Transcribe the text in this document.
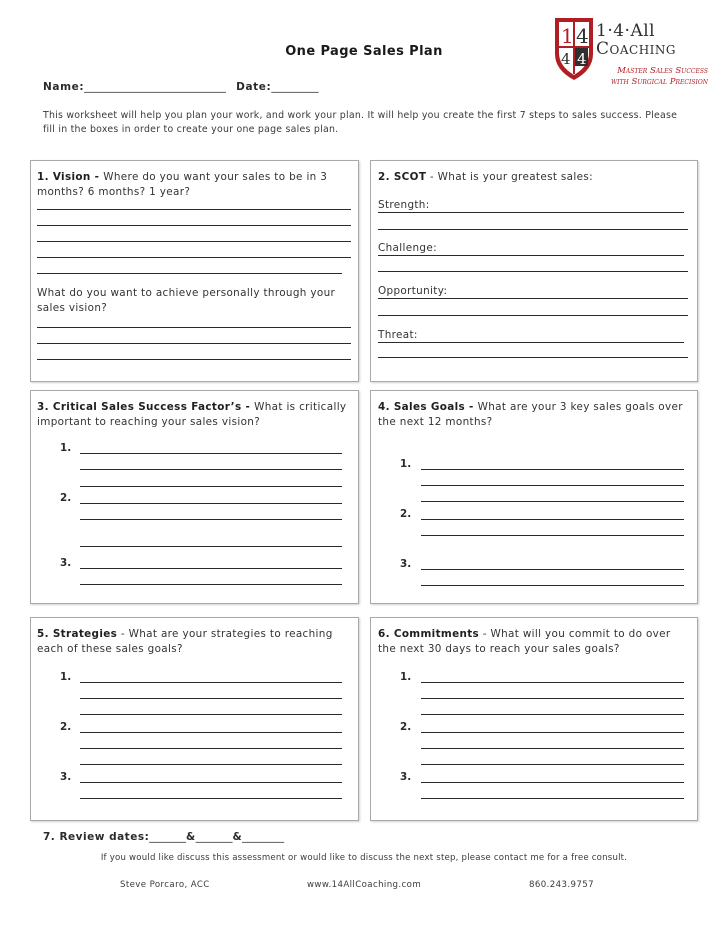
One Page Sales Plan
1 4
4 4
1·4·All
Coaching
Master Sales Success
with Surgical Precision
Name:___________________________ Date:_________
This worksheet will help you plan your work, and work your plan. It will help you create the first 7 steps to sales success. Please fill in the boxes in order to create your one page sales plan.
1. Vision - Where do you want your sales to be in 3 months? 6 months? 1 year?
What do you want to achieve personally through your sales vision?
2. SCOT - What is your greatest sales:
Strength:
Challenge:
Opportunity:
Threat:
3. Critical Sales Success Factor’s - What is critically important to reaching your sales vision?
1.
2.
3.
4. Sales Goals - What are your 3 key sales goals over the next 12 months?
1.
2.
3.
5. Strategies - What are your strategies to reaching each of these sales goals?
1.
2.
3.
6. Commitments - What will you commit to do over the next 30 days to reach your sales goals?
1.
2.
3.
7. Review dates:_______&_______&________
If you would like discuss this assessment or would like to discuss the next step, please contact me for a free consult.
Steve Porcaro, ACC	www.14AllCoaching.com	860.243.9757
